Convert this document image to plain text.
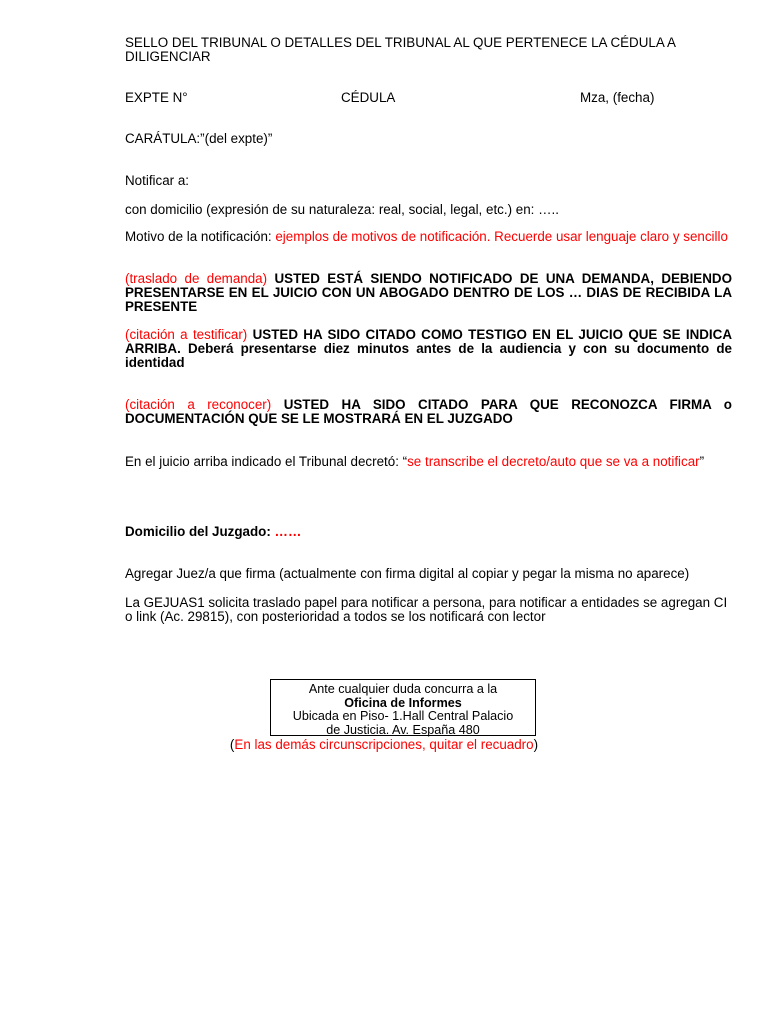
SELLO DEL TRIBUNAL O DETALLES DEL TRIBUNAL AL QUE PERTENECE LA CÉDULA A
DILIGENCIAR

EXPTE N°	CÉDULA	Mza, (fecha)

CARÁTULA:”(del expte)”

Notificar a:

con domicilio (expresión de su naturaleza: real, social, legal, etc.) en: …..

Motivo de la notificación: ejemplos de motivos de notificación. Recuerde usar lenguaje claro y sencillo

(traslado de demanda) USTED ESTÁ SIENDO NOTIFICADO DE UNA DEMANDA, DEBIENDO PRESENTARSE EN EL JUICIO CON UN ABOGADO DENTRO DE LOS … DIAS DE RECIBIDA LA PRESENTE

(citación a testificar) USTED HA SIDO CITADO COMO TESTIGO EN EL JUICIO QUE SE INDICA ARRIBA. Deberá presentarse diez minutos antes de la audiencia y con su documento de identidad

(citación a reconocer) USTED HA SIDO CITADO PARA QUE RECONOZCA FIRMA o DOCUMENTACIÓN QUE SE LE MOSTRARÁ EN EL JUZGADO

En el juicio arriba indicado el Tribunal decretó: “se transcribe el decreto/auto que se va a notificar”

Domicilio del Juzgado: ……

Agregar Juez/a que firma (actualmente con firma digital al copiar y pegar la misma no aparece)

La GEJUAS1 solicita traslado papel para notificar a persona, para notificar a entidades se agregan CI o link (Ac. 29815), con posterioridad a todos se los notificará con lector

Ante cualquier duda concurra a la
Oficina de Informes
Ubicada en Piso- 1.Hall Central Palacio
de Justicia. Av. España 480
(En las demás circunscripciones, quitar el recuadro)
